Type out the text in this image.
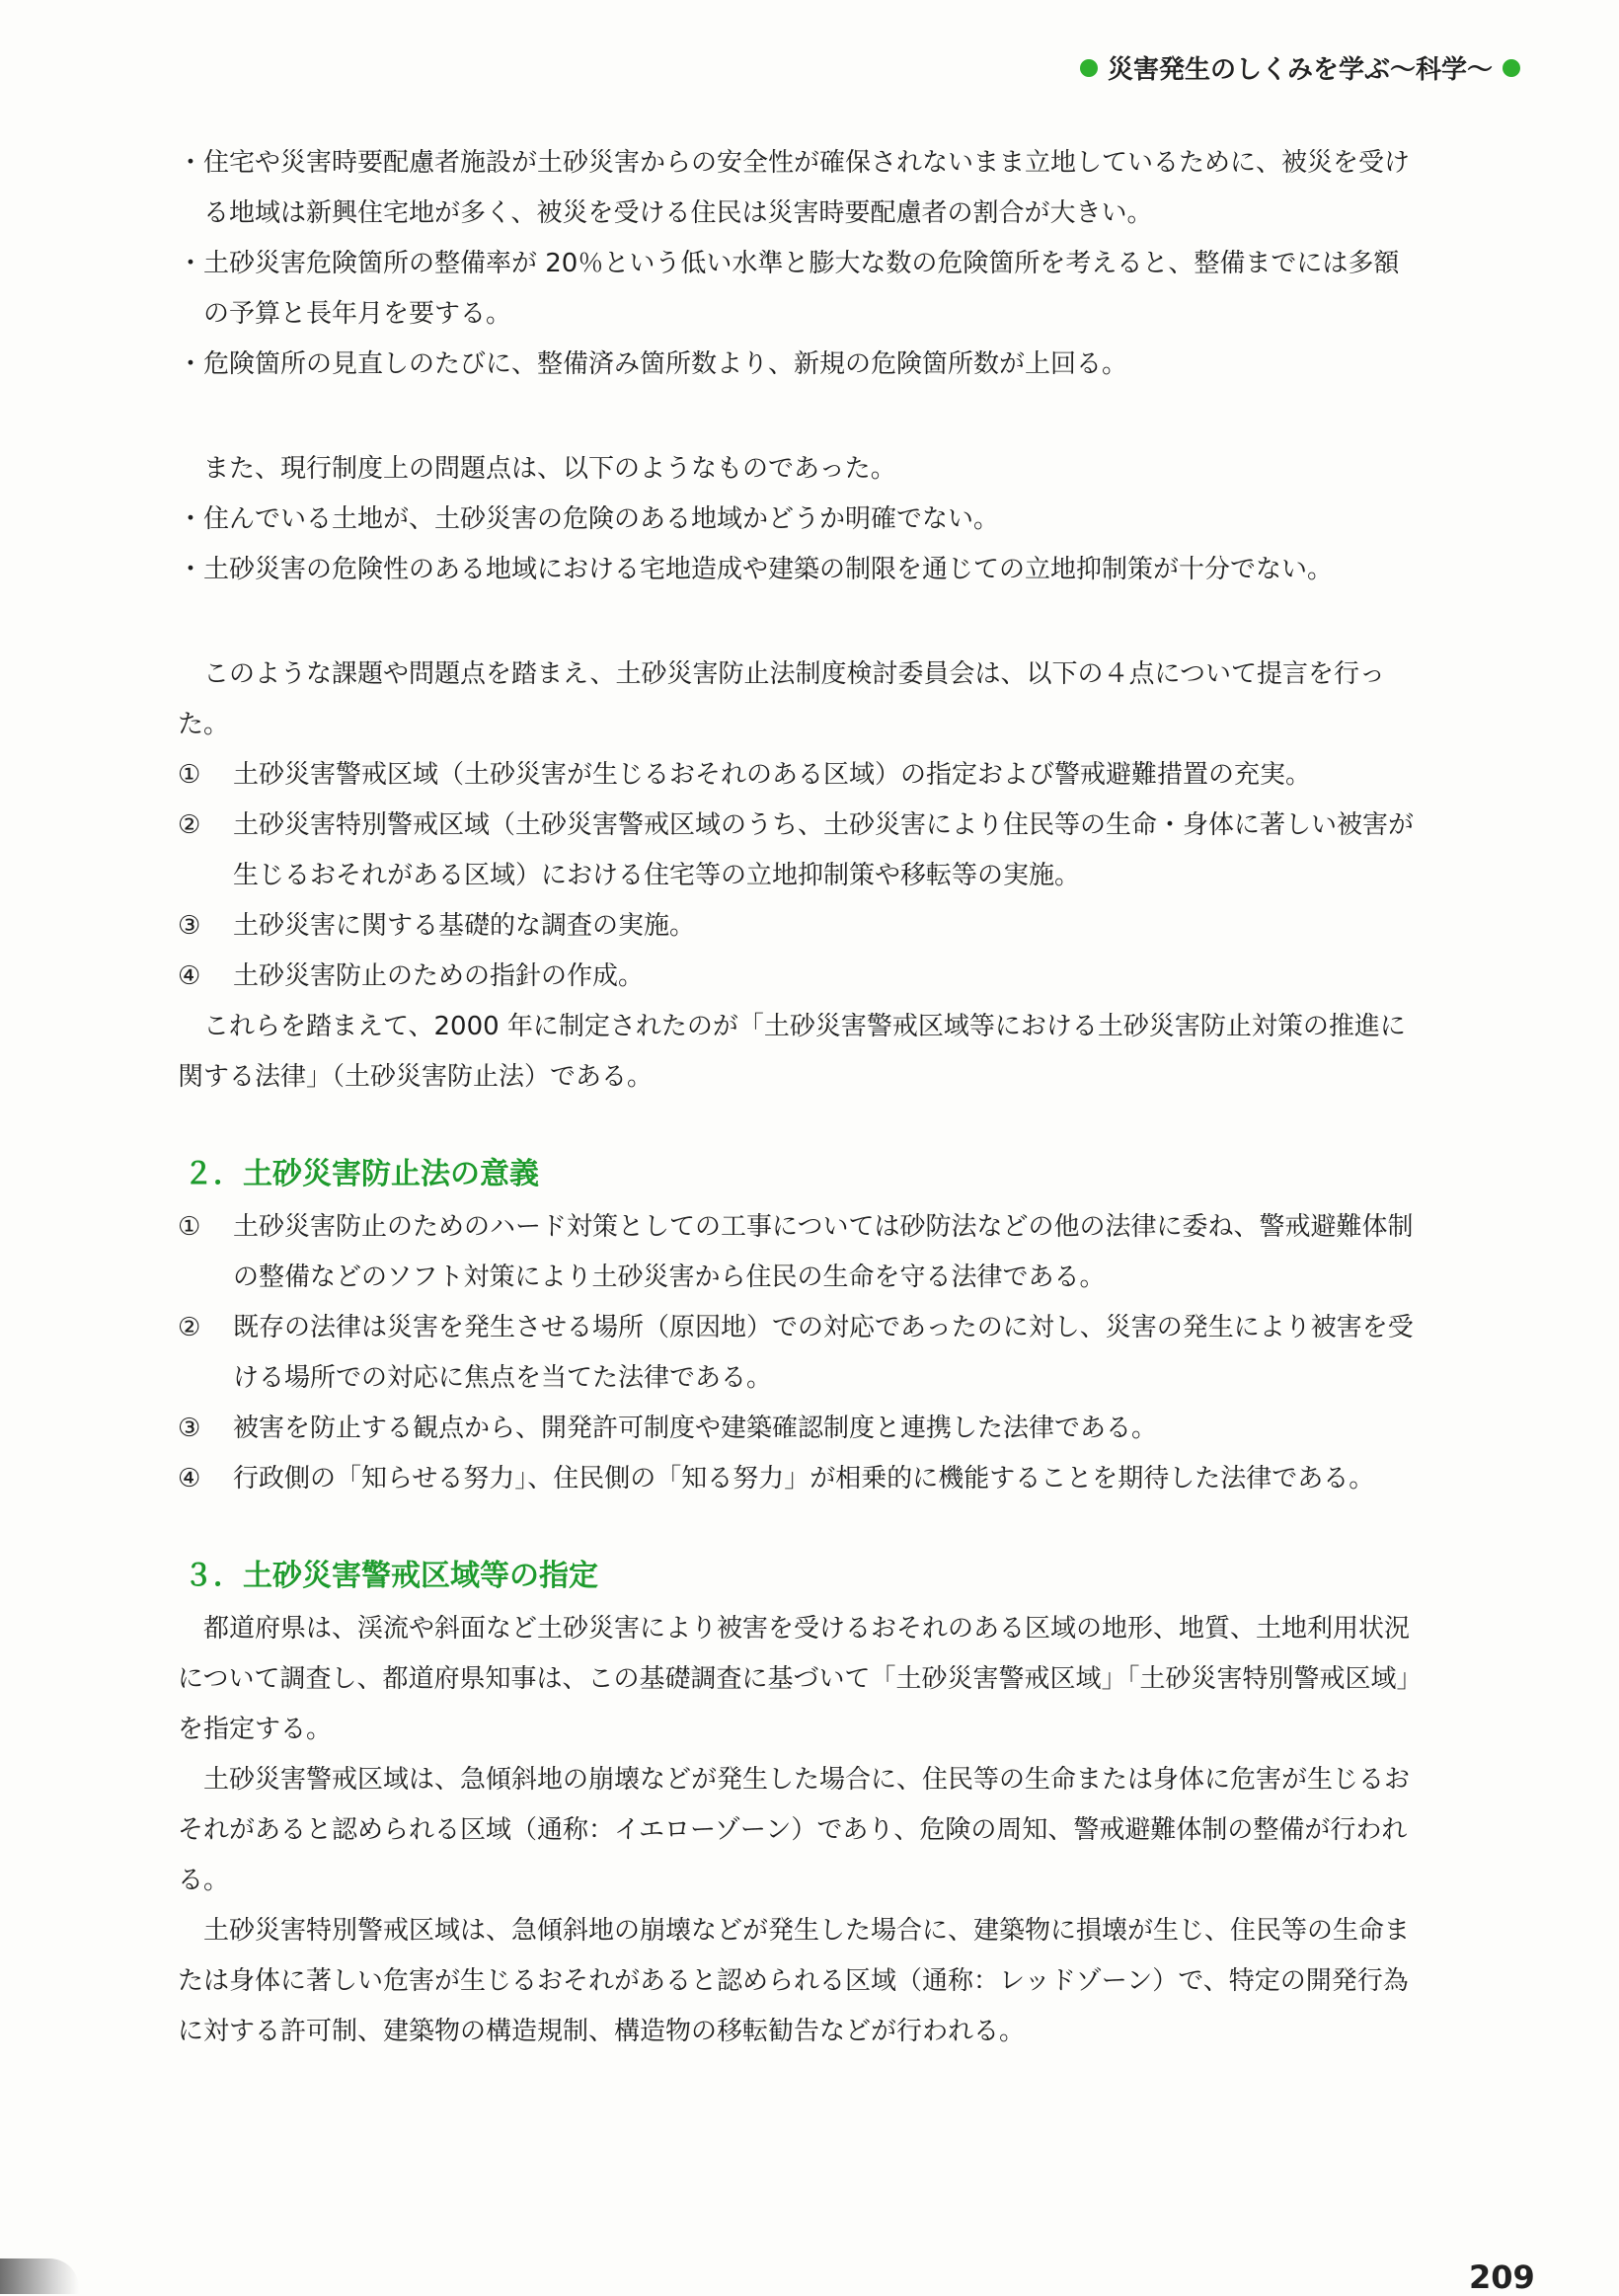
災害発生のしくみを学ぶ〜科学〜

・住宅や災害時要配慮者施設が土砂災害からの安全性が確保されないまま立地しているために、被災を受ける地域は新興住宅地が多く、被災を受ける住民は災害時要配慮者の割合が大きい。

・土砂災害危険箇所の整備率が 20％という低い水準と膨大な数の危険箇所を考えると、整備までには多額の予算と長年月を要する。

・危険箇所の見直しのたびに、整備済み箇所数より、新規の危険箇所数が上回る。

また、現行制度上の問題点は、以下のようなものであった。

・住んでいる土地が、土砂災害の危険のある地域かどうか明確でない。

・土砂災害の危険性のある地域における宅地造成や建築の制限を通じての立地抑制策が十分でない。

このような課題や問題点を踏まえ、土砂災害防止法制度検討委員会は、以下の４点について提言を行った。

① 土砂災害警戒区域（土砂災害が生じるおそれのある区域）の指定および警戒避難措置の充実。

② 土砂災害特別警戒区域（土砂災害警戒区域のうち、土砂災害により住民等の生命・身体に著しい被害が生じるおそれがある区域）における住宅等の立地抑制策や移転等の実施。

③ 土砂災害に関する基礎的な調査の実施。

④ 土砂災害防止のための指針の作成。

これらを踏まえて、2000 年に制定されたのが「土砂災害警戒区域等における土砂災害防止対策の推進に関する法律」（土砂災害防止法）である。

２．土砂災害防止法の意義

① 土砂災害防止のためのハード対策としての工事については砂防法などの他の法律に委ね、警戒避難体制の整備などのソフト対策により土砂災害から住民の生命を守る法律である。

② 既存の法律は災害を発生させる場所（原因地）での対応であったのに対し、災害の発生により被害を受ける場所での対応に焦点を当てた法律である。

③ 被害を防止する観点から、開発許可制度や建築確認制度と連携した法律である。

④ 行政側の「知らせる努力」、住民側の「知る努力」が相乗的に機能することを期待した法律である。

３．土砂災害警戒区域等の指定

都道府県は、渓流や斜面など土砂災害により被害を受けるおそれのある区域の地形、地質、土地利用状況について調査し、都道府県知事は、この基礎調査に基づいて「土砂災害警戒区域」「土砂災害特別警戒区域」を指定する。

土砂災害警戒区域は、急傾斜地の崩壊などが発生した場合に、住民等の生命または身体に危害が生じるおそれがあると認められる区域（通称：イエローゾーン）であり、危険の周知、警戒避難体制の整備が行われる。

土砂災害特別警戒区域は、急傾斜地の崩壊などが発生した場合に、建築物に損壊が生じ、住民等の生命または身体に著しい危害が生じるおそれがあると認められる区域（通称：レッドゾーン）で、特定の開発行為に対する許可制、建築物の構造規制、構造物の移転勧告などが行われる。

209
